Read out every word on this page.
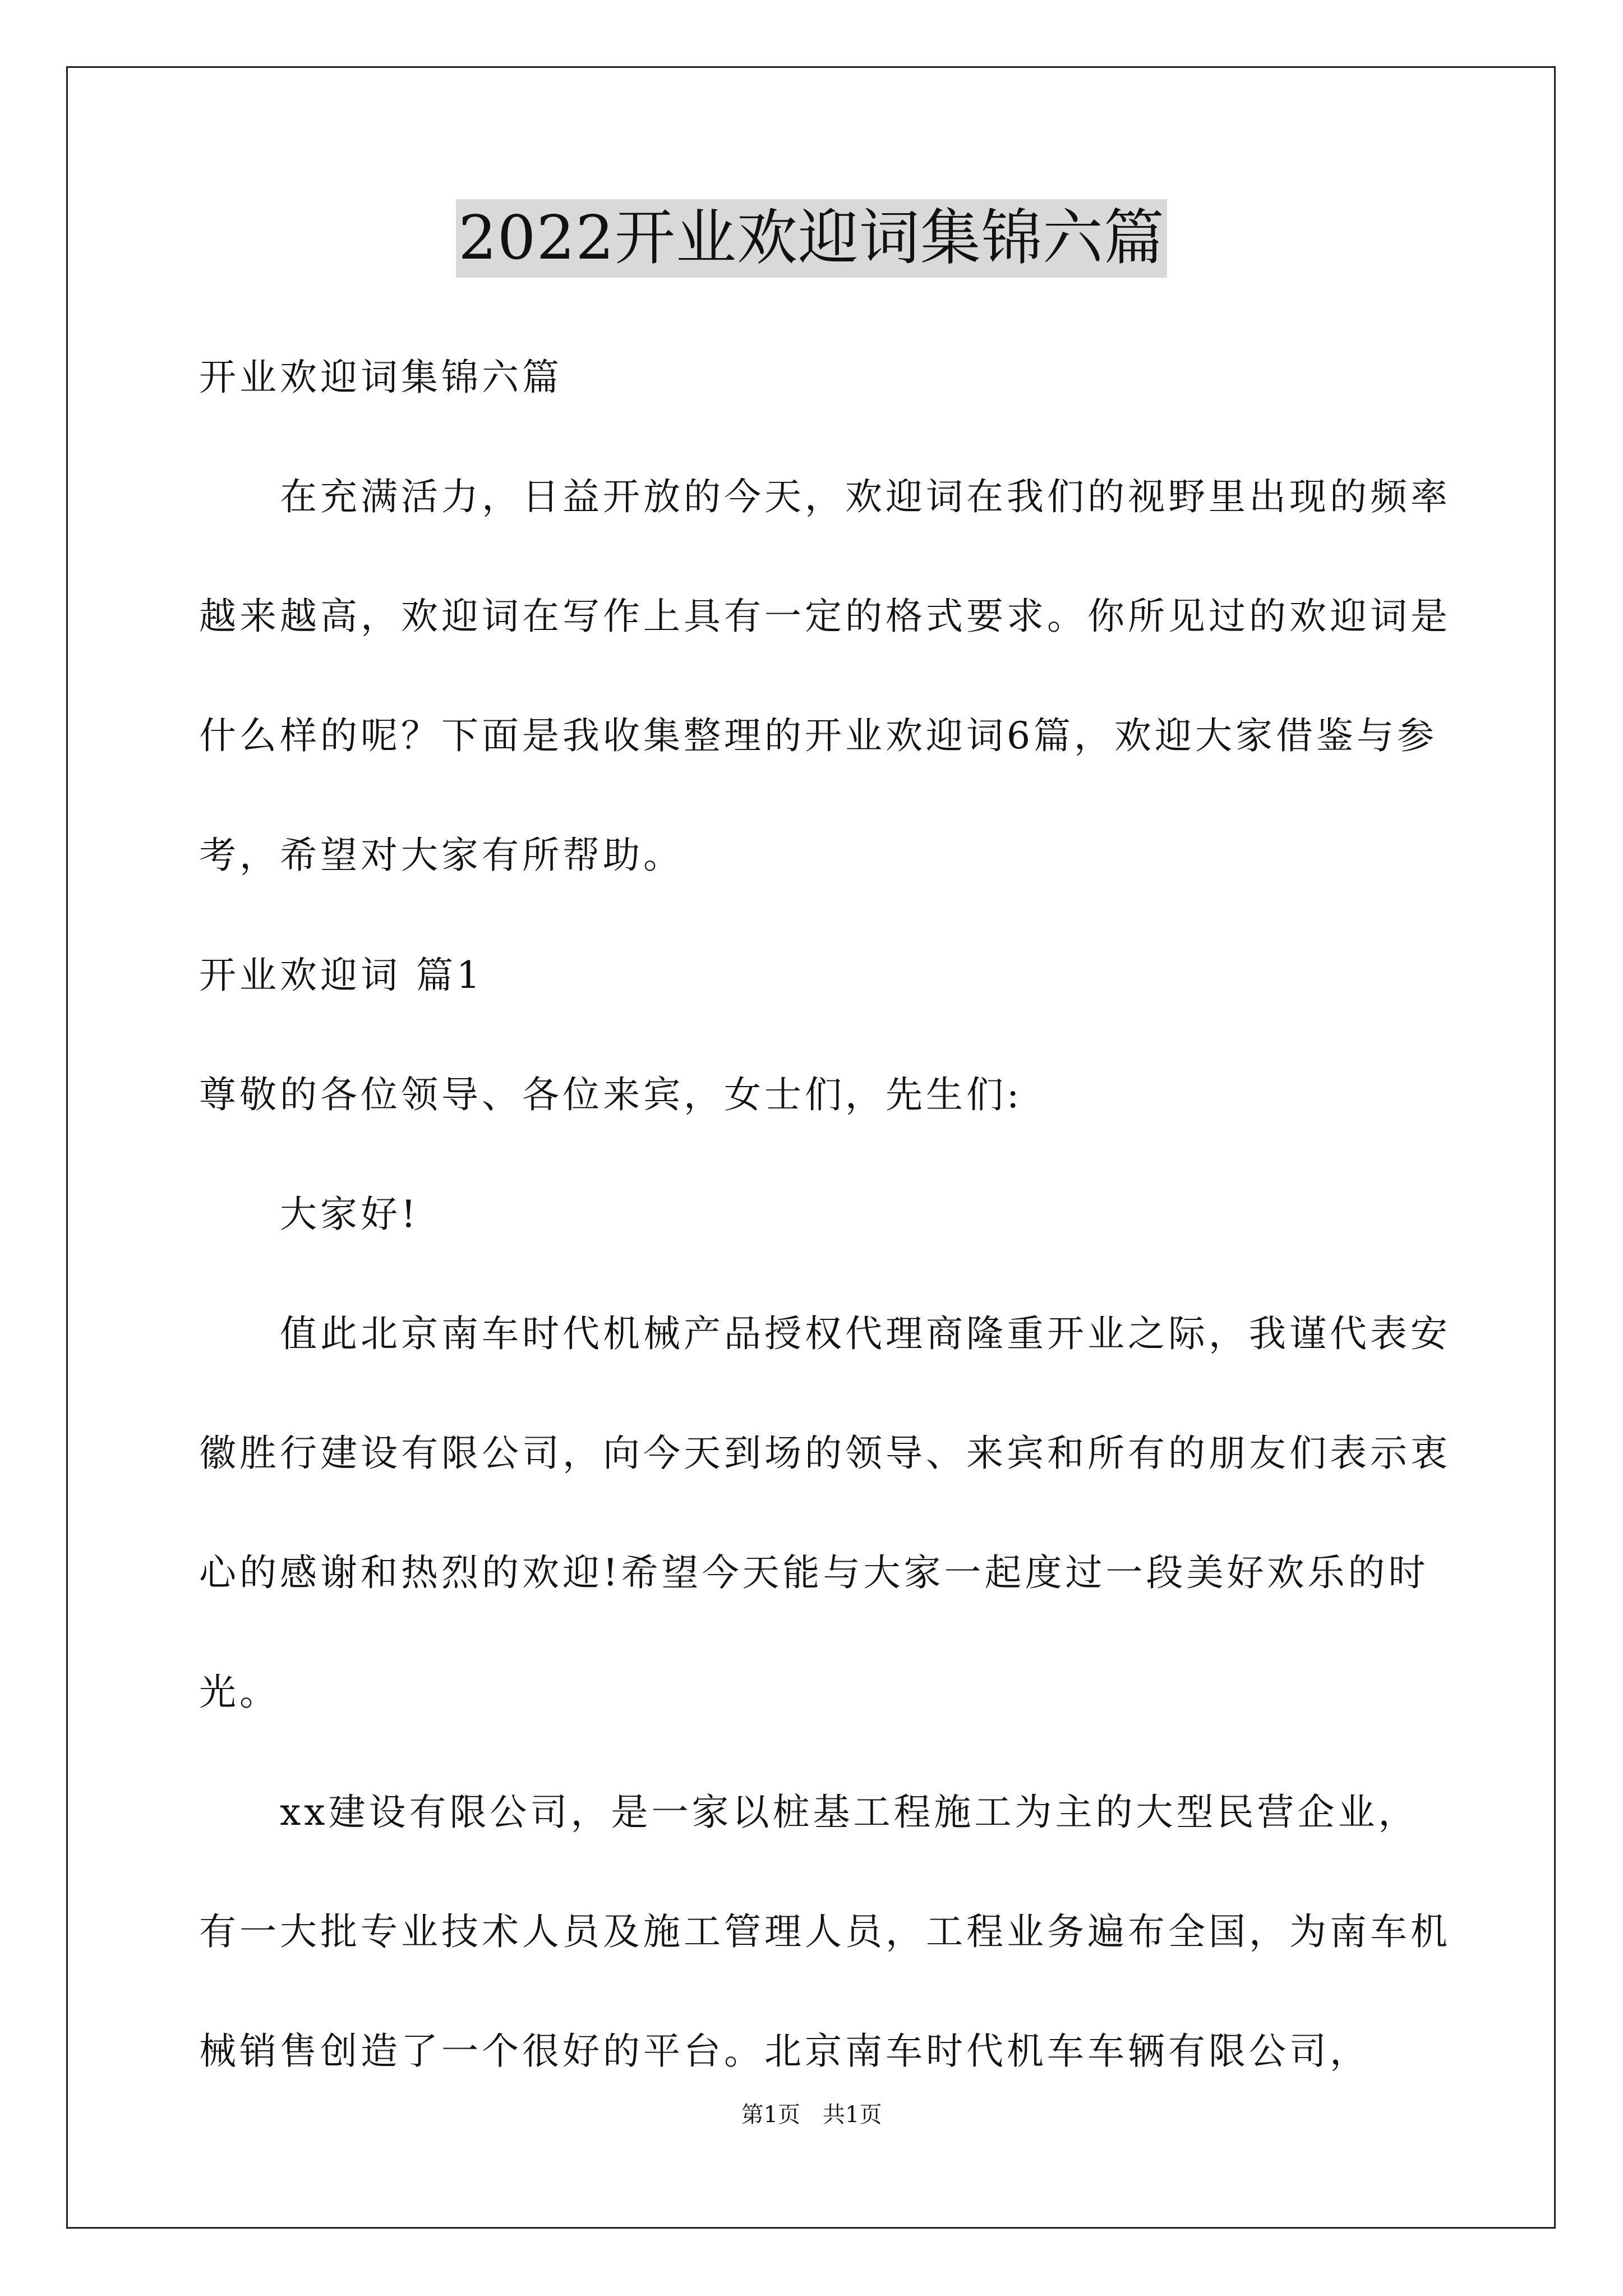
2022开业欢迎词集锦六篇

开业欢迎词集锦六篇

在充满活力，日益开放的今天，欢迎词在我们的视野里出现的频率越来越高，欢迎词在写作上具有一定的格式要求。你所见过的欢迎词是什么样的呢？下面是我收集整理的开业欢迎词6篇，欢迎大家借鉴与参考，希望对大家有所帮助。

开业欢迎词 篇1

尊敬的各位领导、各位来宾，女士们，先生们:

大家好!

值此北京南车时代机械产品授权代理商隆重开业之际，我谨代表安徽胜行建设有限公司，向今天到场的领导、来宾和所有的朋友们表示衷心的感谢和热烈的欢迎!希望今天能与大家一起度过一段美好欢乐的时光。

xx建设有限公司，是一家以桩基工程施工为主的大型民营企业，有一大批专业技术人员及施工管理人员，工程业务遍布全国，为南车机械销售创造了一个很好的平台。北京南车时代机车车辆有限公司，

第1页 共1页
